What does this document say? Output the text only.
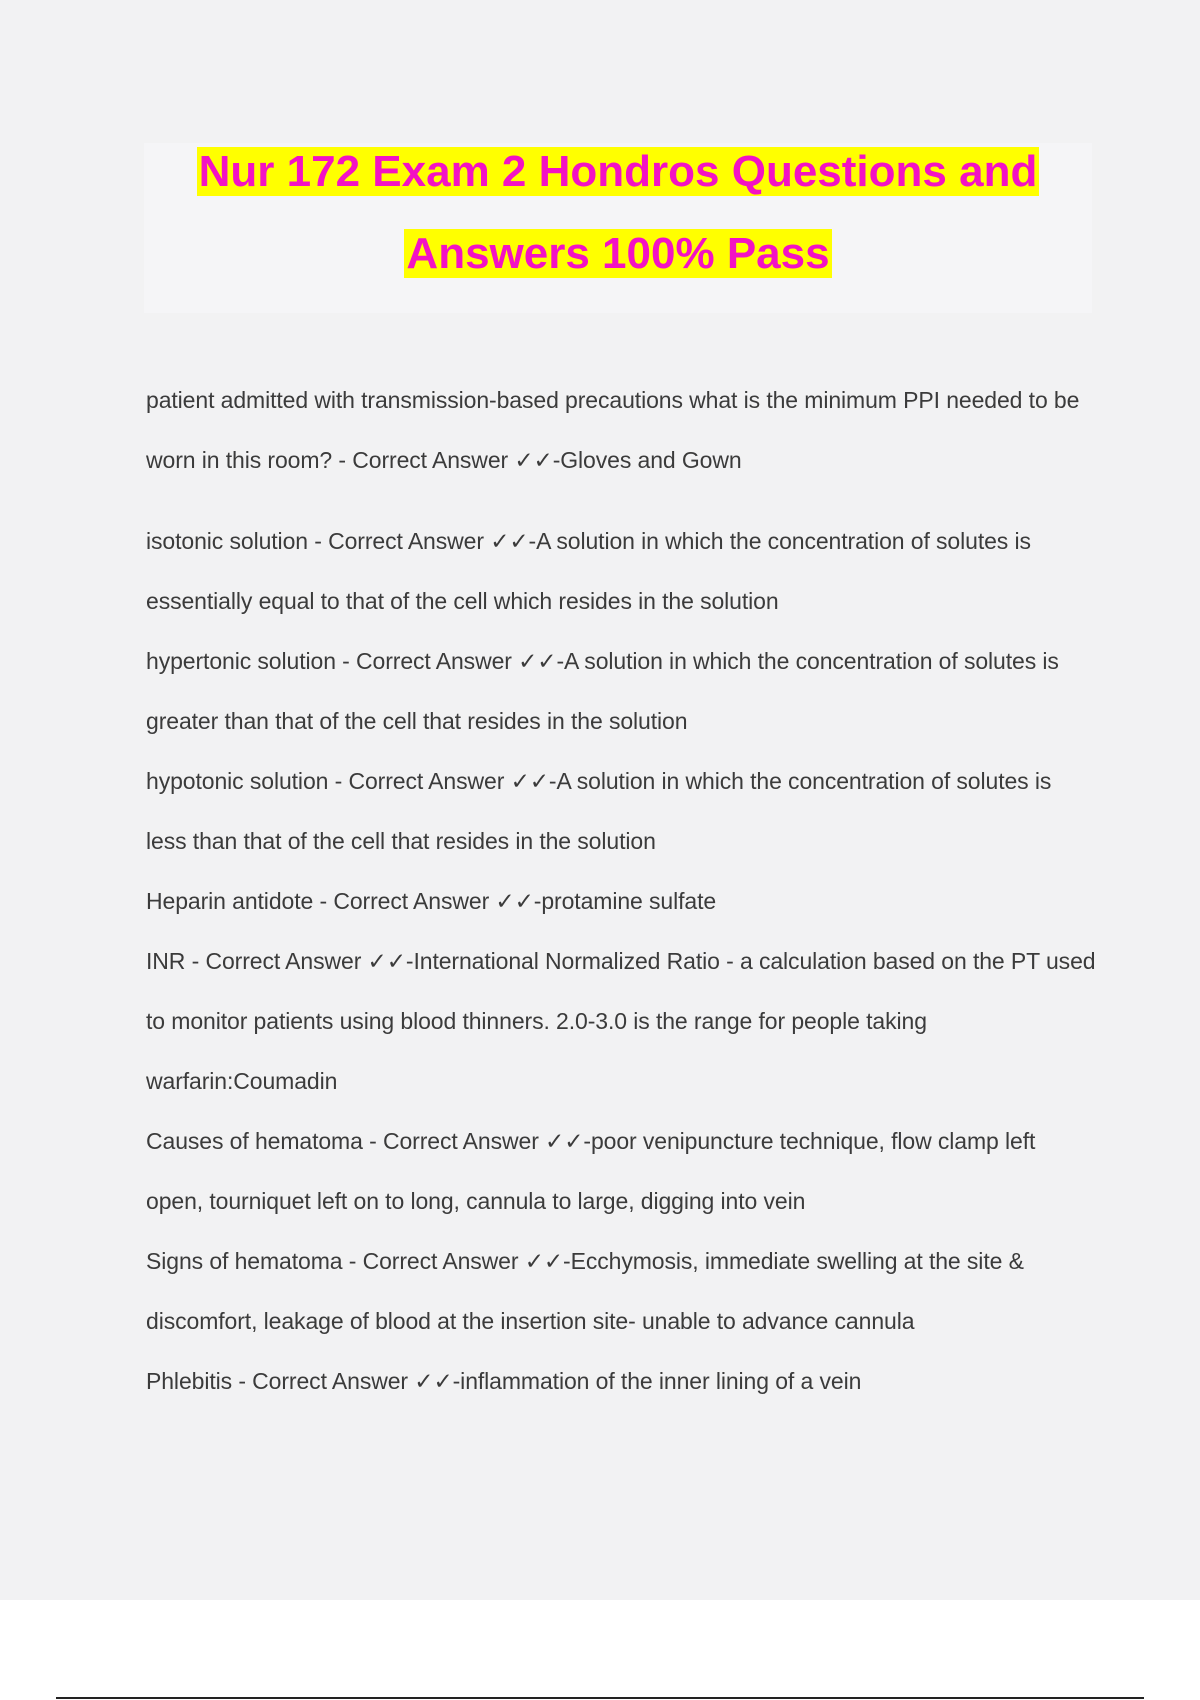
Nur 172 Exam 2 Hondros Questions and
Answers 100% Pass
patient admitted with transmission-based precautions what is the minimum PPI needed to be worn in this room? - Correct Answer ✓✓-Gloves and Gown
isotonic solution - Correct Answer ✓✓-A solution in which the concentration of solutes is essentially equal to that of the cell which resides in the solution
hypertonic solution - Correct Answer ✓✓-A solution in which the concentration of solutes is greater than that of the cell that resides in the solution
hypotonic solution - Correct Answer ✓✓-A solution in which the concentration of solutes is less than that of the cell that resides in the solution
Heparin antidote - Correct Answer ✓✓-protamine sulfate
INR - Correct Answer ✓✓-International Normalized Ratio - a calculation based on the PT used to monitor patients using blood thinners. 2.0-3.0 is the range for people taking warfarin:Coumadin
Causes of hematoma - Correct Answer ✓✓-poor venipuncture technique, flow clamp left open, tourniquet left on to long, cannula to large, digging into vein
Signs of hematoma - Correct Answer ✓✓-Ecchymosis, immediate swelling at the site & discomfort, leakage of blood at the insertion site- unable to advance cannula
Phlebitis - Correct Answer ✓✓-inflammation of the inner lining of a vein
